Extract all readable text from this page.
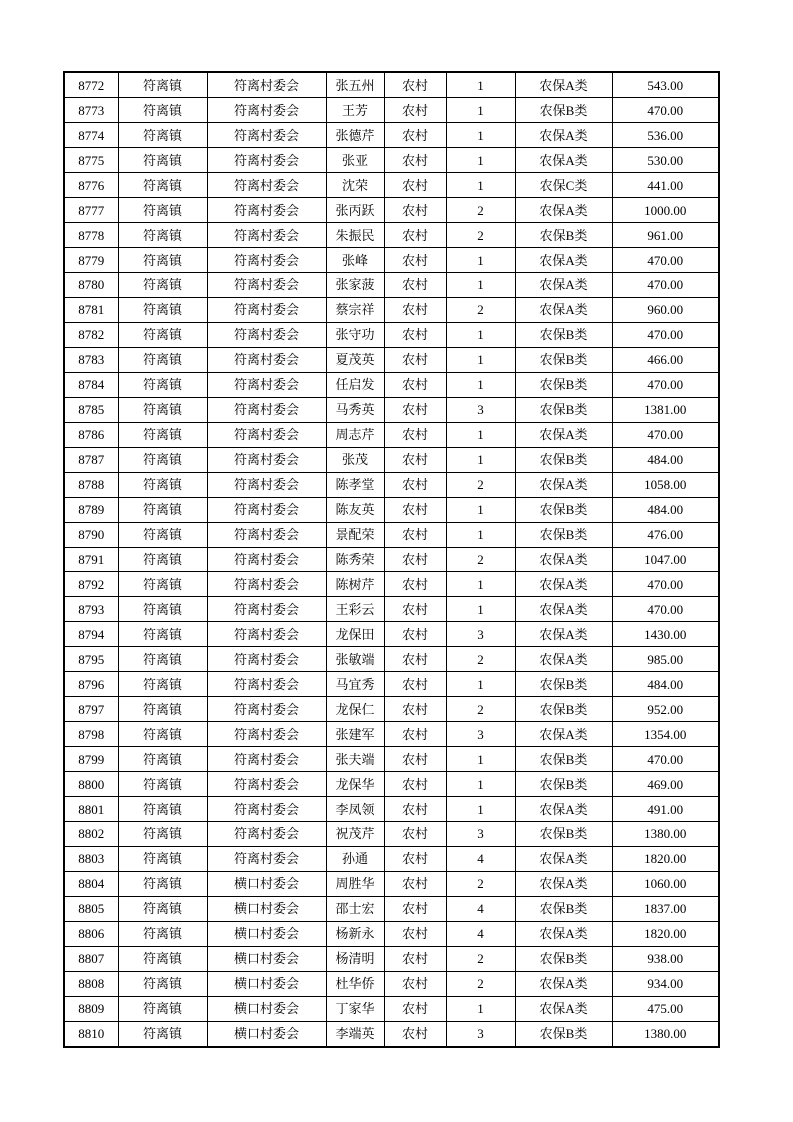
8772	符离镇	符离村委会	张五州	农村	1	农保A类	543.00
8773	符离镇	符离村委会	王芳	农村	1	农保B类	470.00
8774	符离镇	符离村委会	张德芹	农村	1	农保A类	536.00
8775	符离镇	符离村委会	张亚	农村	1	农保A类	530.00
8776	符离镇	符离村委会	沈荣	农村	1	农保C类	441.00
8777	符离镇	符离村委会	张丙跃	农村	2	农保A类	1000.00
8778	符离镇	符离村委会	朱振民	农村	2	农保B类	961.00
8779	符离镇	符离村委会	张峰	农村	1	农保A类	470.00
8780	符离镇	符离村委会	张家菠	农村	1	农保A类	470.00
8781	符离镇	符离村委会	蔡宗祥	农村	2	农保A类	960.00
8782	符离镇	符离村委会	张守功	农村	1	农保B类	470.00
8783	符离镇	符离村委会	夏茂英	农村	1	农保B类	466.00
8784	符离镇	符离村委会	任启发	农村	1	农保B类	470.00
8785	符离镇	符离村委会	马秀英	农村	3	农保B类	1381.00
8786	符离镇	符离村委会	周志芹	农村	1	农保A类	470.00
8787	符离镇	符离村委会	张茂	农村	1	农保B类	484.00
8788	符离镇	符离村委会	陈孝堂	农村	2	农保A类	1058.00
8789	符离镇	符离村委会	陈友英	农村	1	农保B类	484.00
8790	符离镇	符离村委会	景配荣	农村	1	农保B类	476.00
8791	符离镇	符离村委会	陈秀荣	农村	2	农保A类	1047.00
8792	符离镇	符离村委会	陈树芹	农村	1	农保A类	470.00
8793	符离镇	符离村委会	王彩云	农村	1	农保A类	470.00
8794	符离镇	符离村委会	龙保田	农村	3	农保A类	1430.00
8795	符离镇	符离村委会	张敏端	农村	2	农保A类	985.00
8796	符离镇	符离村委会	马宜秀	农村	1	农保B类	484.00
8797	符离镇	符离村委会	龙保仁	农村	2	农保B类	952.00
8798	符离镇	符离村委会	张建军	农村	3	农保A类	1354.00
8799	符离镇	符离村委会	张夫端	农村	1	农保B类	470.00
8800	符离镇	符离村委会	龙保华	农村	1	农保B类	469.00
8801	符离镇	符离村委会	李凤领	农村	1	农保A类	491.00
8802	符离镇	符离村委会	祝茂芹	农村	3	农保B类	1380.00
8803	符离镇	符离村委会	孙通	农村	4	农保A类	1820.00
8804	符离镇	横口村委会	周胜华	农村	2	农保A类	1060.00
8805	符离镇	横口村委会	邵士宏	农村	4	农保B类	1837.00
8806	符离镇	横口村委会	杨新永	农村	4	农保A类	1820.00
8807	符离镇	横口村委会	杨清明	农村	2	农保B类	938.00
8808	符离镇	横口村委会	杜华侨	农村	2	农保A类	934.00
8809	符离镇	横口村委会	丁家华	农村	1	农保A类	475.00
8810	符离镇	横口村委会	李端英	农村	3	农保B类	1380.00
